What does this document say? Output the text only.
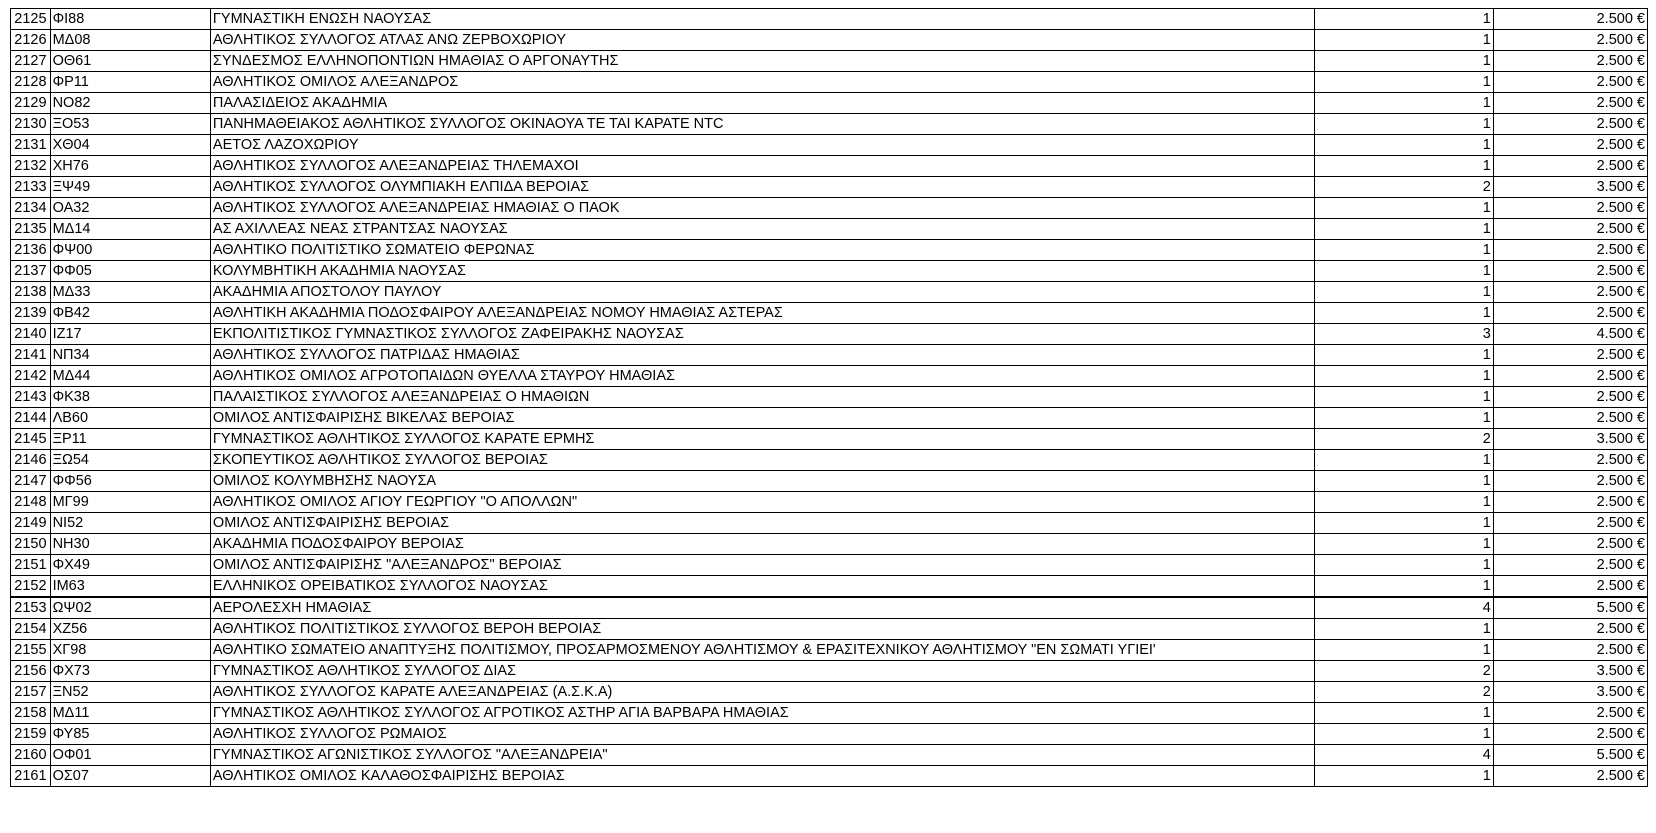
2125	ΦΙ88	ΓΥΜΝΑΣΤΙΚΗ ΕΝΩΣΗ ΝΑΟΥΣΑΣ	1	2.500 €
2126	ΜΔ08	ΑΘΛΗΤΙΚΟΣ ΣΥΛΛΟΓΟΣ ΑΤΛΑΣ ΑΝΩ ΖΕΡΒΟΧΩΡΙΟΥ	1	2.500 €
2127	ΟΘ61	ΣΥΝΔΕΣΜΟΣ ΕΛΛΗΝΟΠΟΝΤΙΩΝ ΗΜΑΘΙΑΣ Ο ΑΡΓΟΝΑΥΤΗΣ	1	2.500 €
2128	ΦΡ11	ΑΘΛΗΤΙΚΟΣ ΟΜΙΛΟΣ ΑΛΕΞΑΝΔΡΟΣ	1	2.500 €
2129	ΝΟ82	ΠΑΛΑΣΙΔΕΙΟΣ ΑΚΑΔΗΜΙΑ	1	2.500 €
2130	ΞΟ53	ΠΑΝΗΜΑΘΕΙΑΚΟΣ ΑΘΛΗΤΙΚΟΣ ΣΥΛΛΟΓΟΣ ΟΚΙΝΑΟΥΑ ΤΕ ΤΑΙ ΚΑΡΑΤΕ NTC	1	2.500 €
2131	ΧΘ04	ΑΕΤΟΣ ΛΑΖΟΧΩΡΙΟΥ	1	2.500 €
2132	ΧΗ76	ΑΘΛΗΤΙΚΟΣ ΣΥΛΛΟΓΟΣ ΑΛΕΞΑΝΔΡΕΙΑΣ ΤΗΛΕΜΑΧΟΙ	1	2.500 €
2133	ΞΨ49	ΑΘΛΗΤΙΚΟΣ ΣΥΛΛΟΓΟΣ ΟΛΥΜΠΙΑΚΗ ΕΛΠΙΔΑ ΒΕΡΟΙΑΣ	2	3.500 €
2134	ΟΑ32	ΑΘΛΗΤΙΚΟΣ ΣΥΛΛΟΓΟΣ ΑΛΕΞΑΝΔΡΕΙΑΣ ΗΜΑΘΙΑΣ Ο ΠΑΟΚ	1	2.500 €
2135	ΜΔ14	ΑΣ ΑΧΙΛΛΕΑΣ ΝΕΑΣ ΣΤΡΑΝΤΣΑΣ ΝΑΟΥΣΑΣ	1	2.500 €
2136	ΦΨ00	ΑΘΛΗΤΙΚΟ ΠΟΛΙΤΙΣΤΙΚΟ ΣΩΜΑΤΕΙΟ ΦΕΡΩΝΑΣ	1	2.500 €
2137	ΦΦ05	ΚΟΛΥΜΒΗΤΙΚΗ ΑΚΑΔΗΜΙΑ ΝΑΟΥΣΑΣ	1	2.500 €
2138	ΜΔ33	ΑΚΑΔΗΜΙΑ ΑΠΟΣΤΟΛΟΥ ΠΑΥΛΟΥ	1	2.500 €
2139	ΦΒ42	ΑΘΛΗΤΙΚΗ ΑΚΑΔΗΜΙΑ ΠΟΔΟΣΦΑΙΡΟΥ ΑΛΕΞΑΝΔΡΕΙΑΣ ΝΟΜΟΥ ΗΜΑΘΙΑΣ ΑΣΤΕΡΑΣ	1	2.500 €
2140	ΙΖ17	ΕΚΠΟΛΙΤΙΣΤΙΚΟΣ ΓΥΜΝΑΣΤΙΚΟΣ ΣΥΛΛΟΓΟΣ ΖΑΦΕΙΡΑΚΗΣ ΝΑΟΥΣΑΣ	3	4.500 €
2141	ΝΠ34	ΑΘΛΗΤΙΚΟΣ ΣΥΛΛΟΓΟΣ ΠΑΤΡΙΔΑΣ ΗΜΑΘΙΑΣ	1	2.500 €
2142	ΜΔ44	ΑΘΛΗΤΙΚΟΣ ΟΜΙΛΟΣ ΑΓΡΟΤΟΠΑΙΔΩΝ ΘΥΕΛΛΑ ΣΤΑΥΡΟΥ ΗΜΑΘΙΑΣ	1	2.500 €
2143	ΦΚ38	ΠΑΛΑΙΣΤΙΚΟΣ ΣΥΛΛΟΓΟΣ ΑΛΕΞΑΝΔΡΕΙΑΣ Ο ΗΜΑΘΙΩΝ	1	2.500 €
2144	ΛΒ60	ΟΜΙΛΟΣ ΑΝΤΙΣΦΑΙΡΙΣΗΣ ΒΙΚΕΛΑΣ ΒΕΡΟΙΑΣ	1	2.500 €
2145	ΞΡ11	ΓΥΜΝΑΣΤΙΚΟΣ ΑΘΛΗΤΙΚΟΣ ΣΥΛΛΟΓΟΣ ΚΑΡΑΤΕ ΕΡΜΗΣ	2	3.500 €
2146	ΞΩ54	ΣΚΟΠΕΥΤΙΚΟΣ ΑΘΛΗΤΙΚΟΣ ΣΥΛΛΟΓΟΣ ΒΕΡΟΙΑΣ	1	2.500 €
2147	ΦΦ56	ΟΜΙΛΟΣ ΚΟΛΥΜΒΗΣΗΣ ΝΑΟΥΣΑ	1	2.500 €
2148	ΜΓ99	ΑΘΛΗΤΙΚΟΣ ΟΜΙΛΟΣ ΑΓΙΟΥ ΓΕΩΡΓΙΟΥ "Ο ΑΠΟΛΛΩΝ"	1	2.500 €
2149	ΝΙ52	ΟΜΙΛΟΣ ΑΝΤΙΣΦΑΙΡΙΣΗΣ ΒΕΡΟΙΑΣ	1	2.500 €
2150	ΝΗ30	ΑΚΑΔΗΜΙΑ ΠΟΔΟΣΦΑΙΡΟΥ ΒΕΡΟΙΑΣ	1	2.500 €
2151	ΦΧ49	ΟΜΙΛΟΣ ΑΝΤΙΣΦΑΙΡΙΣΗΣ "ΑΛΕΞΑΝΔΡΟΣ" ΒΕΡΟΙΑΣ	1	2.500 €
2152	ΙΜ63	ΕΛΛΗΝΙΚΟΣ ΟΡΕΙΒΑΤΙΚΟΣ ΣΥΛΛΟΓΟΣ ΝΑΟΥΣΑΣ	1	2.500 €
2153	ΩΨ02	ΑΕΡΟΛΕΣΧΗ ΗΜΑΘΙΑΣ	4	5.500 €
2154	ΧΖ56	ΑΘΛΗΤΙΚΟΣ ΠΟΛΙΤΙΣΤΙΚΟΣ ΣΥΛΛΟΓΟΣ ΒΕΡΟΗ ΒΕΡΟΙΑΣ	1	2.500 €
2155	ΧΓ98	ΑΘΛΗΤΙΚΟ ΣΩΜΑΤΕΙΟ ΑΝΑΠΤΥΞΗΣ ΠΟΛΙΤΙΣΜΟΥ, ΠΡΟΣΑΡΜΟΣΜΕΝΟΥ ΑΘΛΗΤΙΣΜΟΥ & ΕΡΑΣΙΤΕΧΝΙΚΟΥ ΑΘΛΗΤΙΣΜΟΥ "ΕΝ ΣΩΜΑΤΙ ΥΓΙΕΙ'	1	2.500 €
2156	ΦΧ73	ΓΥΜΝΑΣΤΙΚΟΣ ΑΘΛΗΤΙΚΟΣ ΣΥΛΛΟΓΟΣ ΔΙΑΣ	2	3.500 €
2157	ΞΝ52	ΑΘΛΗΤΙΚΟΣ ΣΥΛΛΟΓΟΣ ΚΑΡΑΤΕ ΑΛΕΞΑΝΔΡΕΙΑΣ (Α.Σ.Κ.Α)	2	3.500 €
2158	ΜΔ11	ΓΥΜΝΑΣΤΙΚΟΣ ΑΘΛΗΤΙΚΟΣ ΣΥΛΛΟΓΟΣ ΑΓΡΟΤΙΚΟΣ ΑΣΤΗΡ ΑΓΙΑ ΒΑΡΒΑΡΑ ΗΜΑΘΙΑΣ	1	2.500 €
2159	ΦΥ85	ΑΘΛΗΤΙΚΟΣ ΣΥΛΛΟΓΟΣ ΡΩΜΑΙΟΣ	1	2.500 €
2160	ΟΦ01	ΓΥΜΝΑΣΤΙΚΟΣ ΑΓΩΝΙΣΤΙΚΟΣ ΣΥΛΛΟΓΟΣ "ΑΛΕΞΑΝΔΡΕΙΑ"	4	5.500 €
2161	ΟΣ07	ΑΘΛΗΤΙΚΟΣ ΟΜΙΛΟΣ ΚΑΛΑΘΟΣΦΑΙΡΙΣΗΣ ΒΕΡΟΙΑΣ	1	2.500 €
